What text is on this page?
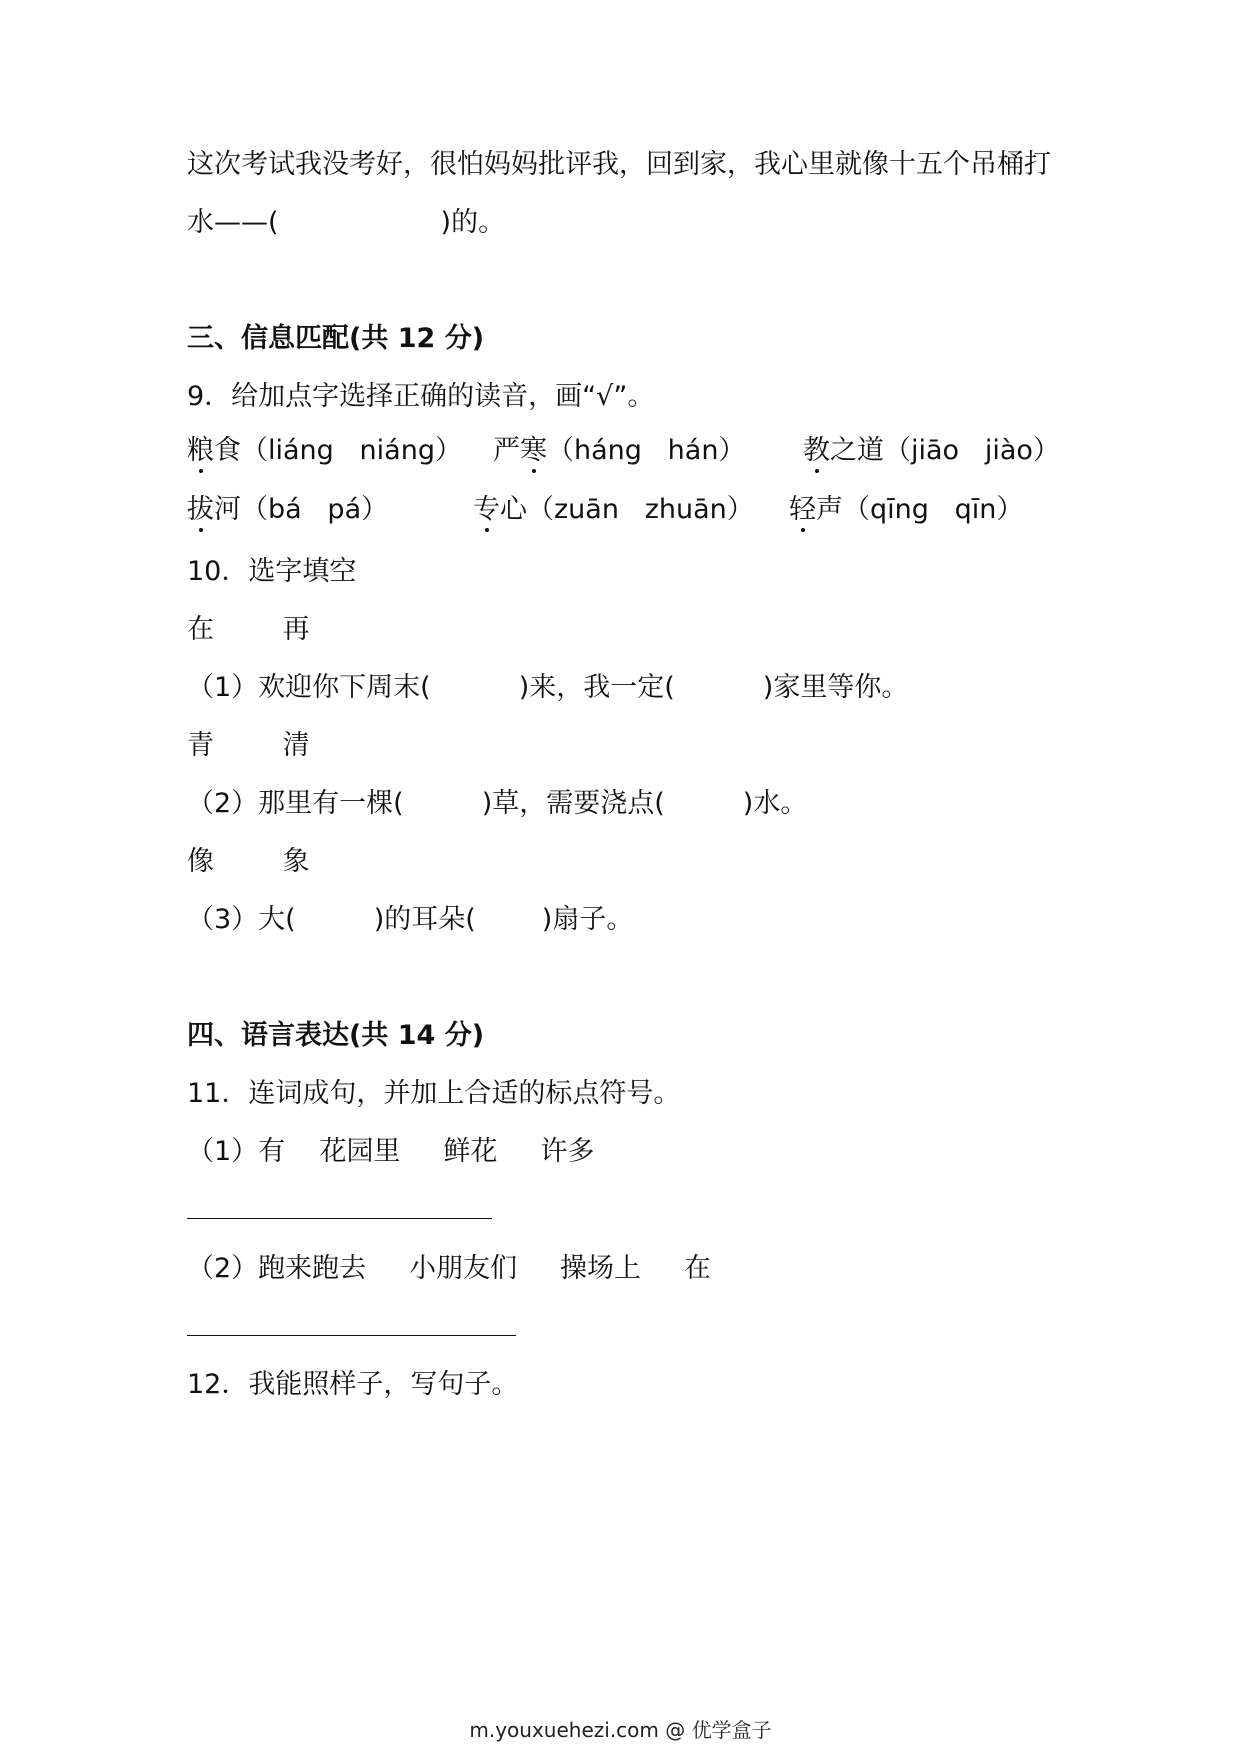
这次考试我没考好，很怕妈妈批评我，回到家，我心里就像十五个吊桶打

水——(	)的。

三、信息匹配(共 12 分)

9．给加点字选择正确的读音，画“√”。

粮食（liáng   niáng） 严寒（háng   hán） 教之道（jiāo   jiào）

拔河（bá   pá）	专心（zuān   zhuān） 轻声（qīng   qīn）

10．选字填空

在        再

（1）欢迎你下周末(	)来，我一定(	)家里等你。

青        清

（2）那里有一棵(	)草，需要浇点(	)水。

像        象

（3）大(	)的耳朵( )扇子。

四、语言表达(共 14 分)

11．连词成句，并加上合适的标点符号。

（1）有    花园里     鲜花     许多

（2）跑来跑去     小朋友们     操场上     在

12．我能照样子，写句子。

m.youxuehezi.com @ 优学盒子
